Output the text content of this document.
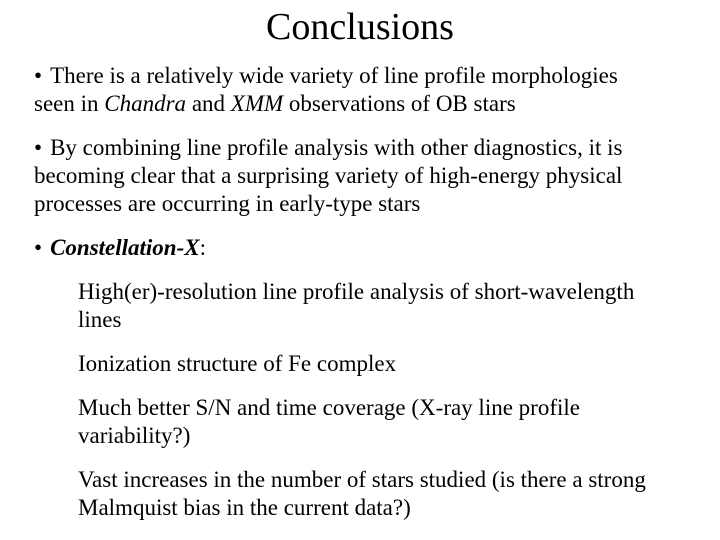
Conclusions

• There is a relatively wide variety of line profile morphologies
seen in Chandra and XMM observations of OB stars

• By combining line profile analysis with other diagnostics, it is
becoming clear that a surprising variety of high-energy physical
processes are occurring in early-type stars

• Constellation-X:

High(er)-resolution line profile analysis of short-wavelength
lines

Ionization structure of Fe complex

Much better S/N and time coverage (X-ray line profile
variability?)

Vast increases in the number of stars studied (is there a strong
Malmquist bias in the current data?)
